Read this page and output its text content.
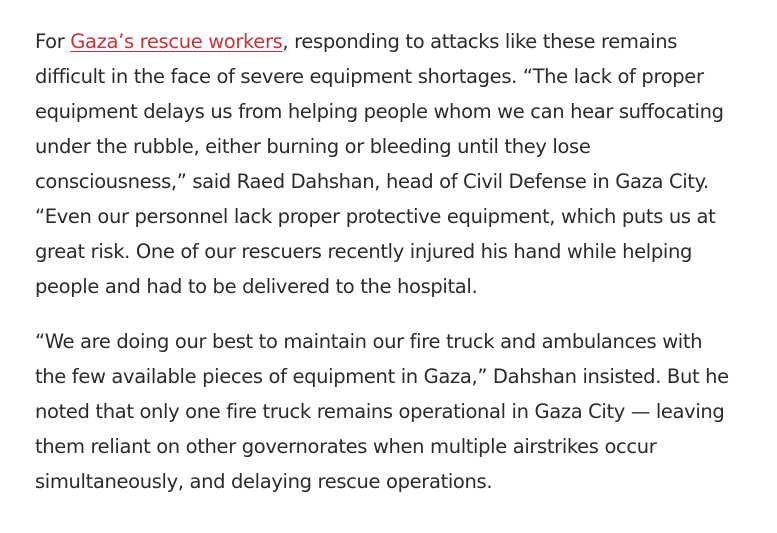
For Gaza’s rescue workers, responding to attacks like these remains difficult in the face of severe equipment shortages. “The lack of proper equipment delays us from helping people whom we can hear suffocating under the rubble, either burning or bleeding until they lose consciousness,” said Raed Dahshan, head of Civil Defense in Gaza City. “Even our personnel lack proper protective equipment, which puts us at great risk. One of our rescuers recently injured his hand while helping people and had to be delivered to the hospital.

“We are doing our best to maintain our fire truck and ambulances with the few available pieces of equipment in Gaza,” Dahshan insisted. But he noted that only one fire truck remains operational in Gaza City — leaving them reliant on other governorates when multiple airstrikes occur simultaneously, and delaying rescue operations.
